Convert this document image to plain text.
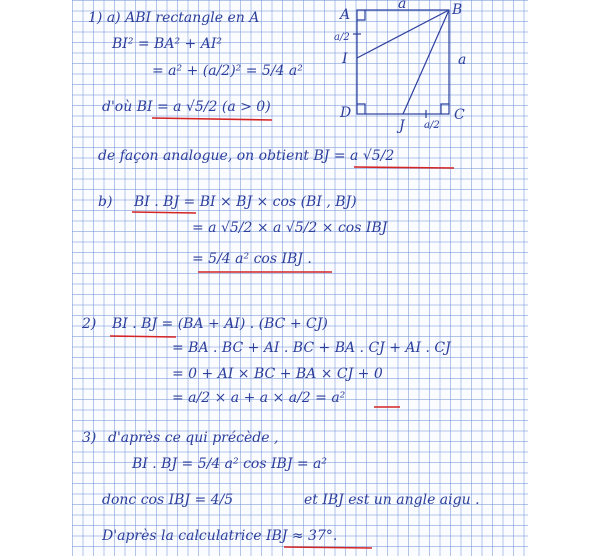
A	B
C
D
I
J
a
a
a/2
a/2
1) a) ABI rectangle en A
BI² = BA² + AI²
= a² + (a/2)² = 5/4 a²
d'où BI = a √5/2 (a > 0)
de façon analogue, on obtient BJ = a √5/2
b) BI . BJ = BI × BJ × cos (BI , BJ)
= a √5/2 × a √5/2 × cos IBJ
= 5/4 a² cos IBJ .
2) BI . BJ = (BA + AI) . (BC + CJ)
= BA . BC + AI . BC + BA . CJ + AI . CJ
= 0 + AI × BC + BA × CJ + 0
= a/2 × a + a × a/2 = a²
3) d'après ce qui précède ,
BI . BJ = 5/4 a² cos IBJ = a²
donc cos IBJ = 4/5	et IBJ est un angle aigu .
D'après la calculatrice IBJ ≈ 37°.
